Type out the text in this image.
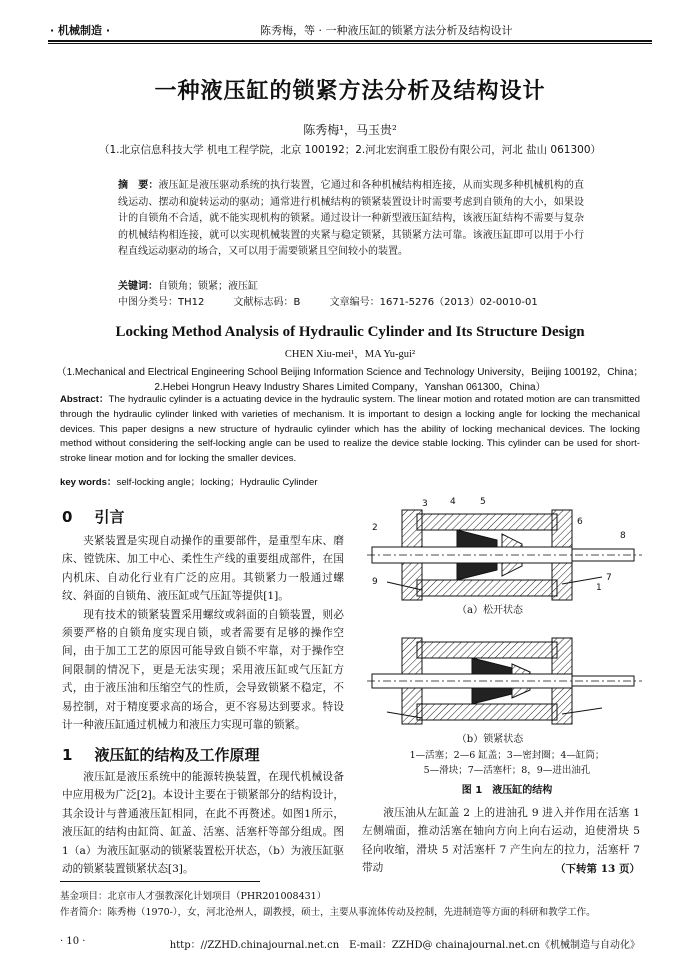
· 机械制造 ·	陈秀梅，等 · 一种液压缸的锁紧方法分析及结构设计
一种液压缸的锁紧方法分析及结构设计
陈秀梅¹，马玉贵²
（1.北京信息科技大学 机电工程学院，北京 100192；2.河北宏润重工股份有限公司，河北 盐山 061300）
摘　要：液压缸是液压驱动系统的执行装置，它通过和各种机械结构相连接，从而实现多种机械机构的直线运动、摆动和旋转运动的驱动；通常进行机械结构的锁紧装置设计时需要考虑到自锁角的大小，如果设计的自锁角不合适，就不能实现机构的锁紧。通过设计一种新型液压缸结构，该液压缸结构不需要与复杂的机械结构相连接，就可以实现机械装置的夹紧与稳定锁紧，其锁紧方法可靠。该液压缸即可以用于小行程直线运动驱动的场合，又可以用于需要锁紧且空间较小的装置。
关键词：自锁角；锁紧；液压缸
中图分类号：TH12	文献标志码：B	文章编号：1671-5276（2013）02-0010-01
Locking Method Analysis of Hydraulic Cylinder and Its Structure Design
CHEN Xiu-mei¹，MA Yu-gui²
（1.Mechanical and Electrical Engineering School Beijing Information Science and Technology University，Beijing 100192，China；
2.Hebei Hongrun Heavy Industry Shares Limited Company，Yanshan 061300，China）
Abstract：The hydraulic cylinder is a actuating device in the hydraulic system. The linear motion and rotated motion are can transmitted through the hydraulic cylinder linked with varieties of mechanism. It is important to design a locking angle for locking the mechanical devices. This paper designs a new structure of hydraulic cylinder which has the ability of locking mechanical devices. The locking method without considering the self-locking angle can be used to realize the device stable locking. This cylinder can be used for short-stroke linear motion and for locking the smaller devices.
key words：self-locking angle；locking；Hydraulic Cylinder
0 引言

夹紧装置是实现自动操作的重要部件，是重型车床、磨床、镗铣床、加工中心、柔性生产线的重要组成部件，在国内机床、自动化行业有广泛的应用。其锁紧力一般通过螺纹、斜面的自锁角、液压缸或气压缸等提供[1]。

现有技术的锁紧装置采用螺纹或斜面的自锁装置，则必须要严格的自锁角度实现自锁，或者需要有足够的操作空间，由于加工工艺的原因可能导致自锁不牢靠，对于操作空间限制的情况下，更是无法实现；采用液压缸或气压缸方式，由于液压油和压缩空气的性质，会导致锁紧不稳定，不易控制，对于精度要求高的场合，更不容易达到要求。特设计一种液压缸通过机械力和液压力实现可靠的锁紧。

1 液压缸的结构及工作原理

液压缸是液压系统中的能源转换装置，在现代机械设备中应用极为广泛[2]。本设计主要在于锁紧部分的结构设计，其余设计与普通液压缸相同，在此不再赘述。如图1所示，液压缸的结构由缸筒、缸盖、活塞、活塞杆等部分组成。图1（a）为液压缸驱动的锁紧装置松开状态，（b）为液压缸驱动的锁紧装置锁紧状态[3]。

3 4	5
2
6
9	7
8
1
（a）松开状态
（b）锁紧状态
1—活塞；2—6 缸盖；3—密封圈；4—缸筒；
5—滑块；7—活塞杆；8，9—进出油孔
图 1　液压缸的结构

液压油从左缸盖 2 上的进油孔 9 进入并作用在活塞 1 左侧端面，推动活塞在轴向方向上向右运动，迫使滑块 5 径向收缩，滑块 5 对活塞杆 7 产生向左的拉力，活塞杆 7 带动	（下转第 13 页）
基金项目：北京市人才强教深化计划项目（PHR201008431）
作者简介：陈秀梅（1970-），女，河北沧州人，副教授，硕士，主要从事流体传动及控制，先进制造等方面的科研和教学工作。
· 10 ·	http：//ZZHD.chinajournal.net.cn　E-mail：ZZHD@ chainajournal.net.cn《机械制造与自动化》
